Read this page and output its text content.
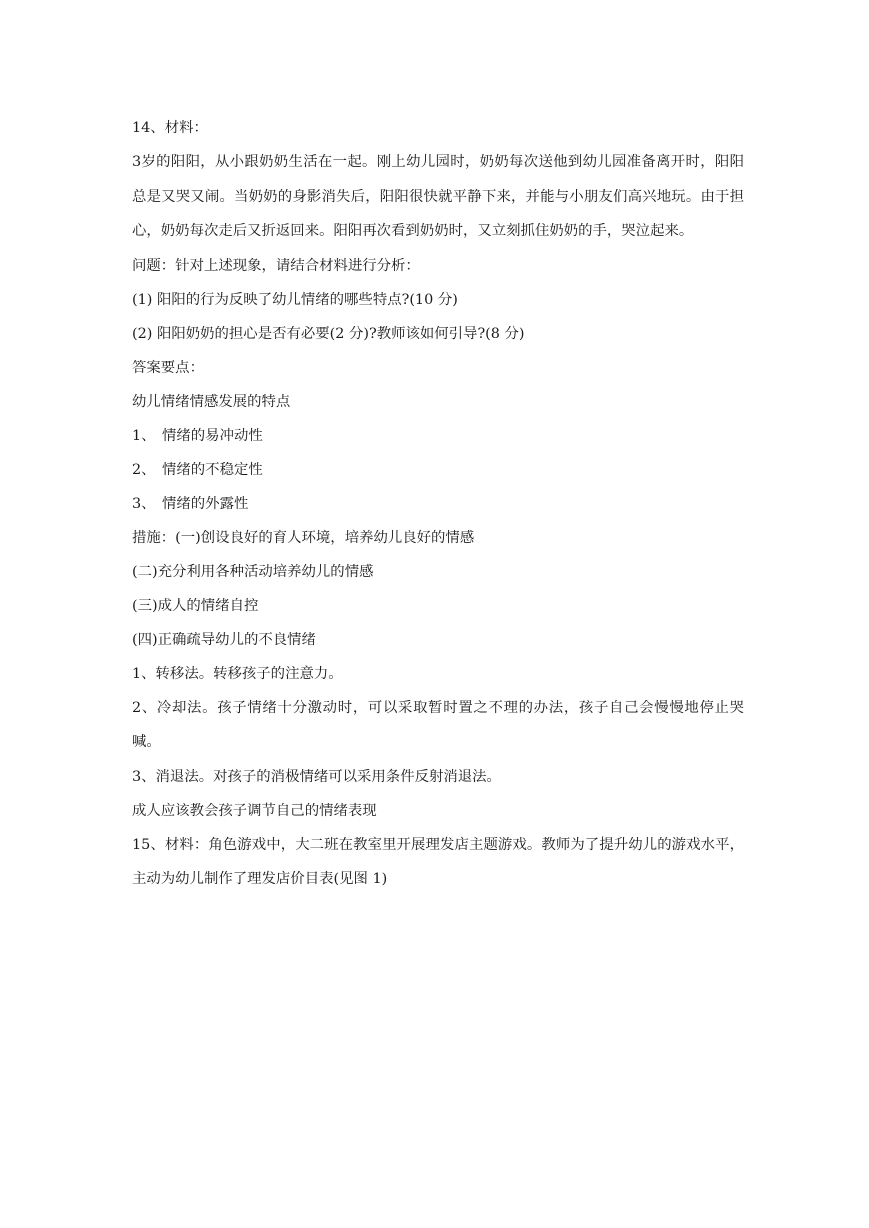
14、材料：

3岁的阳阳，从小跟奶奶生活在一起。刚上幼儿园时，奶奶每次送他到幼儿园准备离开时，阳阳总是又哭又闹。当奶奶的身影消失后，阳阳很快就平静下来，并能与小朋友们高兴地玩。由于担心，奶奶每次走后又折返回来。阳阳再次看到奶奶时，又立刻抓住奶奶的手，哭泣起来。

问题：针对上述现象，请结合材料进行分析：

(1) 阳阳的行为反映了幼儿情绪的哪些特点?(10 分)

(2) 阳阳奶奶的担心是否有必要(2 分)?教师该如何引导?(8 分)

答案要点：

幼儿情绪情感发展的特点

1、 情绪的易冲动性

2、 情绪的不稳定性

3、 情绪的外露性

措施：(一)创设良好的育人环境，培养幼儿良好的情感

(二)充分利用各种活动培养幼儿的情感

(三)成人的情绪自控

(四)正确疏导幼儿的不良情绪

1、转移法。转移孩子的注意力。

2、冷却法。孩子情绪十分激动时，可以采取暂时置之不理的办法，孩子自己会慢慢地停止哭喊。

3、消退法。对孩子的消极情绪可以采用条件反射消退法。

成人应该教会孩子调节自己的情绪表现

15、材料：角色游戏中，大二班在教室里开展理发店主题游戏。教师为了提升幼儿的游戏水平，主动为幼儿制作了理发店价目表(见图 1)
